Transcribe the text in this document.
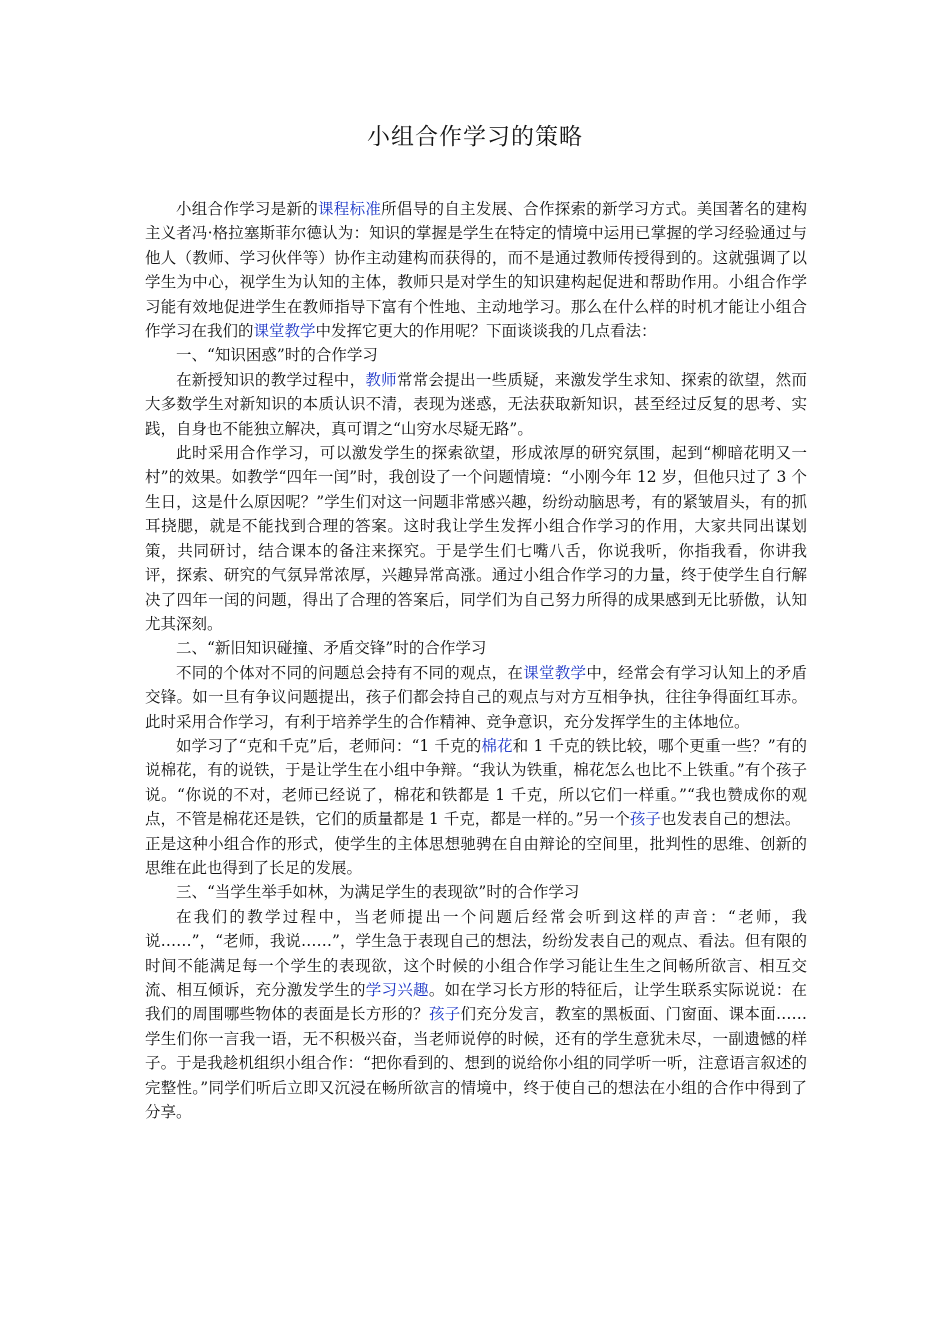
小组合作学习的策略

小组合作学习是新的课程标准所倡导的自主发展、合作探索的新学习方式。美国著名的建构主义者冯·格拉塞斯菲尔德认为：知识的掌握是学生在特定的情境中运用已掌握的学习经验通过与他人（教师、学习伙伴等）协作主动建构而获得的，而不是通过教师传授得到的。这就强调了以学生为中心，视学生为认知的主体，教师只是对学生的知识建构起促进和帮助作用。小组合作学习能有效地促进学生在教师指导下富有个性地、主动地学习。那么在什么样的时机才能让小组合作学习在我们的课堂教学中发挥它更大的作用呢？下面谈谈我的几点看法：

一、“知识困惑”时的合作学习

在新授知识的教学过程中，教师常常会提出一些质疑，来激发学生求知、探索的欲望，然而大多数学生对新知识的本质认识不清，表现为迷惑，无法获取新知识，甚至经过反复的思考、实践，自身也不能独立解决，真可谓之“山穷水尽疑无路”。

此时采用合作学习，可以激发学生的探索欲望，形成浓厚的研究氛围，起到“柳暗花明又一村”的效果。如教学“四年一闰”时，我创设了一个问题情境：“小刚今年 12 岁，但他只过了 3 个生日，这是什么原因呢？”学生们对这一问题非常感兴趣，纷纷动脑思考，有的紧皱眉头，有的抓耳挠腮，就是不能找到合理的答案。这时我让学生发挥小组合作学习的作用，大家共同出谋划策，共同研讨，结合课本的备注来探究。于是学生们七嘴八舌，你说我听，你指我看，你讲我评，探索、研究的气氛异常浓厚，兴趣异常高涨。通过小组合作学习的力量，终于使学生自行解决了四年一闰的问题，得出了合理的答案后，同学们为自己努力所得的成果感到无比骄傲，认知尤其深刻。

二、“新旧知识碰撞、矛盾交锋”时的合作学习

不同的个体对不同的问题总会持有不同的观点，在课堂教学中，经常会有学习认知上的矛盾交锋。如一旦有争议问题提出，孩子们都会持自己的观点与对方互相争执，往往争得面红耳赤。此时采用合作学习，有利于培养学生的合作精神、竞争意识，充分发挥学生的主体地位。

如学习了“克和千克”后，老师问：“1 千克的棉花和 1 千克的铁比较，哪个更重一些？”有的说棉花，有的说铁，于是让学生在小组中争辩。“我认为铁重，棉花怎么也比不上铁重。”有个孩子说。“你说的不对，老师已经说了，棉花和铁都是 1 千克，所以它们一样重。”“我也赞成你的观点，不管是棉花还是铁，它们的质量都是 1 千克，都是一样的。”另一个孩子也发表自己的想法。

正是这种小组合作的形式，使学生的主体思想驰骋在自由辩论的空间里，批判性的思维、创新的思维在此也得到了长足的发展。

三、“当学生举手如林，为满足学生的表现欲”时的合作学习

在我们的教学过程中，当老师提出一个问题后经常会听到这样的声音：“老师，我说……”，“老师，我说……”，学生急于表现自己的想法，纷纷发表自己的观点、看法。但有限的时间不能满足每一个学生的表现欲，这个时候的小组合作学习能让生生之间畅所欲言、相互交流、相互倾诉，充分激发学生的学习兴趣。如在学习长方形的特征后，让学生联系实际说说：在我们的周围哪些物体的表面是长方形的？孩子们充分发言，教室的黑板面、门窗面、课本面……学生们你一言我一语，无不积极兴奋，当老师说停的时候，还有的学生意犹未尽，一副遗憾的样子。于是我趁机组织小组合作：“把你看到的、想到的说给你小组的同学听一听，注意语言叙述的完整性。”同学们听后立即又沉浸在畅所欲言的情境中，终于使自己的想法在小组的合作中得到了分享。
